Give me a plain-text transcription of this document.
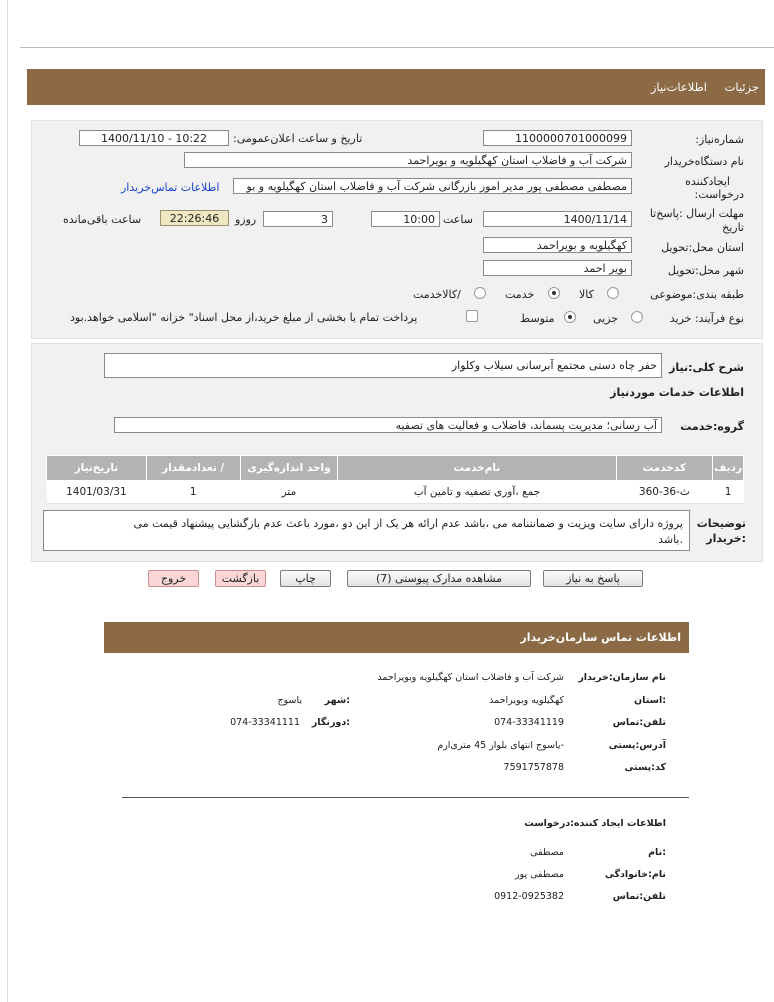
جزئیات
اطلاعات‌نیاز
شماره‌نیاز:
1100000701000099
تاریخ و ساعت اعلان‌عمومی:
1400/11/10 - 10:22
نام دستگاه‌خریدار
شرکت آب و فاضلاب استان کهگیلویه و بویراحمد
ایجادکننده
درخواست:
مصطفی مصطفی پور مدیر امور بازرگانی شرکت آب و فاضلاب استان کهگیلویه و بو
اطلاعات تماس‌خریدار
مهلت ارسال :پاسخ‌تا
تاریخ
1400/11/14
ساعت
10:00
3
روزو
22:26:46
ساعت باقی‌مانده
استان محل:تحویل
کهگیلویه و بویراحمد
شهر محل:تحویل
بویر احمد
طبقه بندی:موضوعی
کالا
خدمت
/کالاخدمت
نوع فرآیند: خرید
جزیی
متوسط
پرداخت تمام یا بخشی از مبلغ خرید،از محل اسناد" خزانه "اسلامی خواهد.بود
شرح کلی:نیاز
حفر چاه دستی مجتمع آبرسانی سیلاب وکلوار
اطلاعات خدمات موردنیاز
گروه:خدمت
آب رسانی؛ مدیریت پسماند، فاضلاب و فعالیت های تصفیه
ردیف	کدخدمت	نام‌خدمت	واحد اندازه‌گیری	/ تعدادمقدار	تاریخ‌نیاز
1	ث-36-360	جمع ،آوری تصفیه و تامین آب	متر	1	1401/03/31
توضیحات
:خریدار
پروژه دارای سایت ویزیت و ضمانتنامه می ،باشد عدم ارائه هر یک از این دو ،مورد باعث عدم بازگشایی پیشنهاد قیمت می
.باشد
پاسخ به نیاز
مشاهده مدارک پیوستی (7)
چاپ
بازگشت
خروج
اطلاعات تماس سازمان‌خریدار
نام سازمان:خریدار
شرکت آب و فاضلاب استان کهگیلویه وبویراحمد
:استان
کهگیلویه وبویراحمد
:شهر
یاسوج
تلفن:تماس
074-33341119
:دورنگار
074-33341111
آدرس:پستی
-یاسوج انتهای بلوار 45 متری‌ارم
کد:پستی
7591757878
اطلاعات ایجاد کننده:درخواست
:نام
مصطفی
نام:خانوادگی
مصطفی پور
تلفن:تماس
0912-0925382
